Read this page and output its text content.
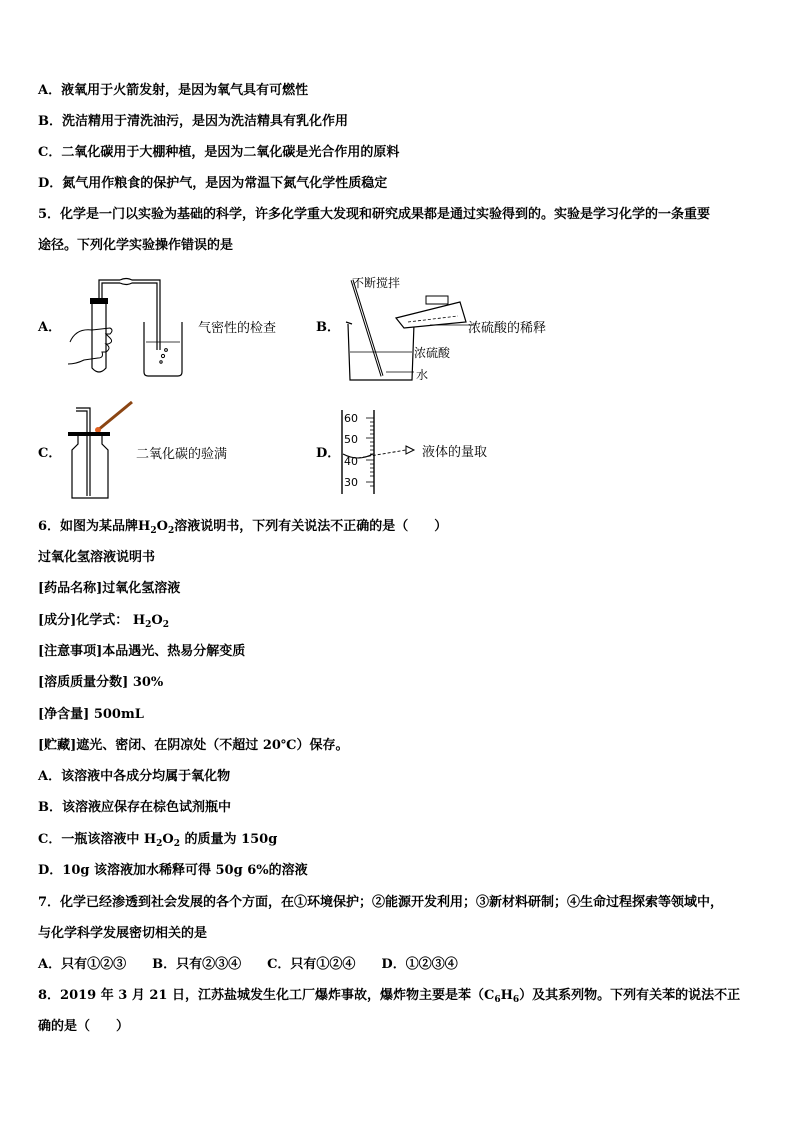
A．液氧用于火箭发射，是因为氧气具有可燃性
B．洗洁精用于清洗油污，是因为洗洁精具有乳化作用
C．二氧化碳用于大棚种植，是因为二氧化碳是光合作用的原料
D．氮气用作粮食的保护气，是因为常温下氮气化学性质稳定
5．化学是一门以实验为基础的科学，许多化学重大发现和研究成果都是通过实验得到的。实验是学习化学的一条重要
途径。下列化学实验操作错误的是
A．	气密性的检查	B．
不断搅拌
浓硫酸
水
浓硫酸的稀释
C．	二氧化碳的验满	D．
60
50
40
30
液体的量取
6．如图为某品牌$H_2O_2$溶液说明书，下列有关说法不正确的是（　　）
过氧化氢溶液说明书
[药品名称]过氧化氢溶液
[成分]化学式： $H_2O_2$
[注意事项]本品遇光、热易分解变质
[溶质质量分数] 30%
[净含量] 500mL
[贮藏]遮光、密闭、在阴凉处（不超过 20℃）保存。
A．该溶液中各成分均属于氧化物
B．该溶液应保存在棕色试剂瓶中
C．一瓶该溶液中 $H_2O_2$ 的质量为 150g
D．10g 该溶液加水稀释可得 50g 6%的溶液
7．化学已经渗透到社会发展的各个方面，在①环境保护；②能源开发利用；③新材料研制；④生命过程探索等领域中，
与化学科学发展密切相关的是
A．只有①②③　　B．只有②③④　　C．只有①②④　　D．①②③④
8．2019 年 3 月 21 日，江苏盐城发生化工厂爆炸事故，爆炸物主要是苯$(C_6H_6)$及其系列物。下列有关苯的说法不正
确的是（　　）
